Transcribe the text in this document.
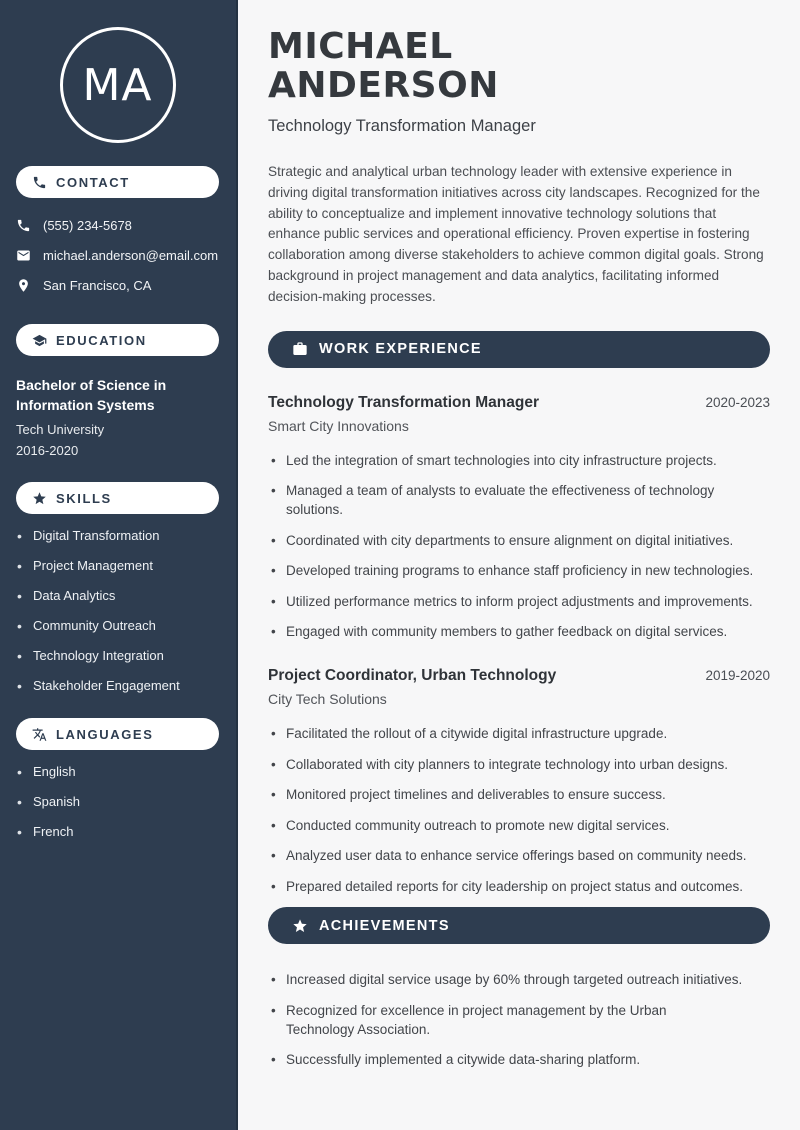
MA
CONTACT
(555) 234-5678
michael.anderson@email.com
San Francisco, CA
EDUCATION
Bachelor of Science in Information Systems
Tech University
2016-2020
SKILLS
• Digital Transformation
• Project Management
• Data Analytics
• Community Outreach
• Technology Integration
• Stakeholder Engagement
LANGUAGES
• English
• Spanish
• French
MICHAEL
ANDERSON
Technology Transformation Manager

Strategic and analytical urban technology leader with extensive experience in driving digital transformation initiatives across city landscapes. Recognized for the ability to conceptualize and implement innovative technology solutions that enhance public services and operational efficiency. Proven expertise in fostering collaboration among diverse stakeholders to achieve common digital goals. Strong background in project management and data analytics, facilitating informed decision-making processes.

WORK EXPERIENCE
Technology Transformation Manager	2020-2023
Smart City Innovations
• Led the integration of smart technologies into city infrastructure projects.
• Managed a team of analysts to evaluate the effectiveness of technology solutions.
• Coordinated with city departments to ensure alignment on digital initiatives.
• Developed training programs to enhance staff proficiency in new technologies.
• Utilized performance metrics to inform project adjustments and improvements.
• Engaged with community members to gather feedback on digital services.
Project Coordinator, Urban Technology	2019-2020
City Tech Solutions
• Facilitated the rollout of a citywide digital infrastructure upgrade.
• Collaborated with city planners to integrate technology into urban designs.
• Monitored project timelines and deliverables to ensure success.
• Conducted community outreach to promote new digital services.
• Analyzed user data to enhance service offerings based on community needs.
• Prepared detailed reports for city leadership on project status and outcomes.
ACHIEVEMENTS
• Increased digital service usage by 60% through targeted outreach initiatives.
• Recognized for excellence in project management by the Urban Technology Association.
• Successfully implemented a citywide data-sharing platform.
